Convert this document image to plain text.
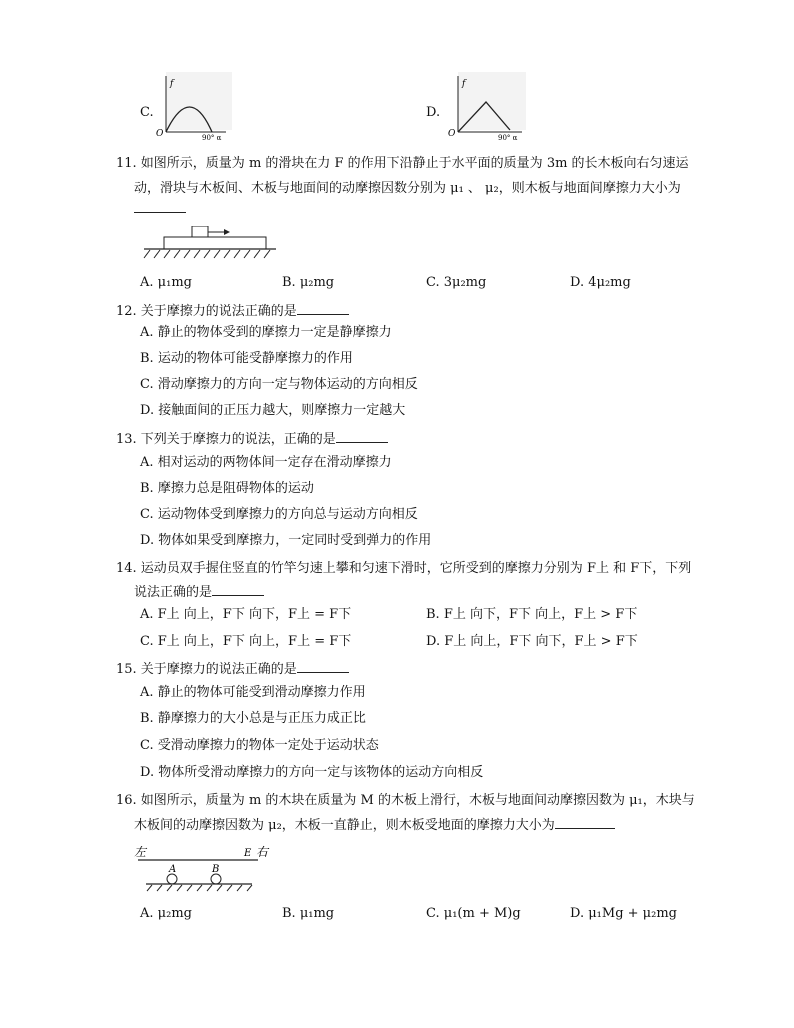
C.
f
O	90° α
D.
f
O	90° α
11. 如图所示，质量为 m 的滑块在力 F 的作用下沿静止于水平面的质量为 3m 的长木板向右匀速运
动，滑块与木板间、木板与地面间的动摩擦因数分别为 μ₁ 、 μ₂，则木板与地面间摩擦力大小为
A. μ₁mg	B. μ₂mg	C. 3μ₂mg	D. 4μ₂mg
12. 关于摩擦力的说法正确的是
A. 静止的物体受到的摩擦力一定是静摩擦力
B. 运动的物体可能受静摩擦力的作用
C. 滑动摩擦力的方向一定与物体运动的方向相反
D. 接触面间的正压力越大，则摩擦力一定越大
13. 下列关于摩擦力的说法，正确的是
A. 相对运动的两物体间一定存在滑动摩擦力
B. 摩擦力总是阻碍物体的运动
C. 运动物体受到摩擦力的方向总与运动方向相反
D. 物体如果受到摩擦力，一定同时受到弹力的作用
14. 运动员双手握住竖直的竹竿匀速上攀和匀速下滑时，它所受到的摩擦力分别为 F上 和 F下，下列
说法正确的是
A. F上 向上，F下 向下，F上 = F下	B. F上 向下，F下 向上，F上 > F下
C. F上 向上，F下 向上，F上 = F下	D. F上 向上，F下 向下，F上 > F下
15. 关于摩擦力的说法正确的是
A. 静止的物体可能受到滑动摩擦力作用
B. 静摩擦力的大小总是与正压力成正比
C. 受滑动摩擦力的物体一定处于运动状态
D. 物体所受滑动摩擦力的方向一定与该物体的运动方向相反
16. 如图所示，质量为 m 的木块在质量为 M 的木板上滑行，木板与地面间动摩擦因数为 μ₁，木块与
木板间的动摩擦因数为 μ₂，木板一直静止，则木板受地面的摩擦力大小为
左	右
E
A	B
A. μ₂mg	B. μ₁mg	C. μ₁(m + M)g	D. μ₁Mg + μ₂mg
